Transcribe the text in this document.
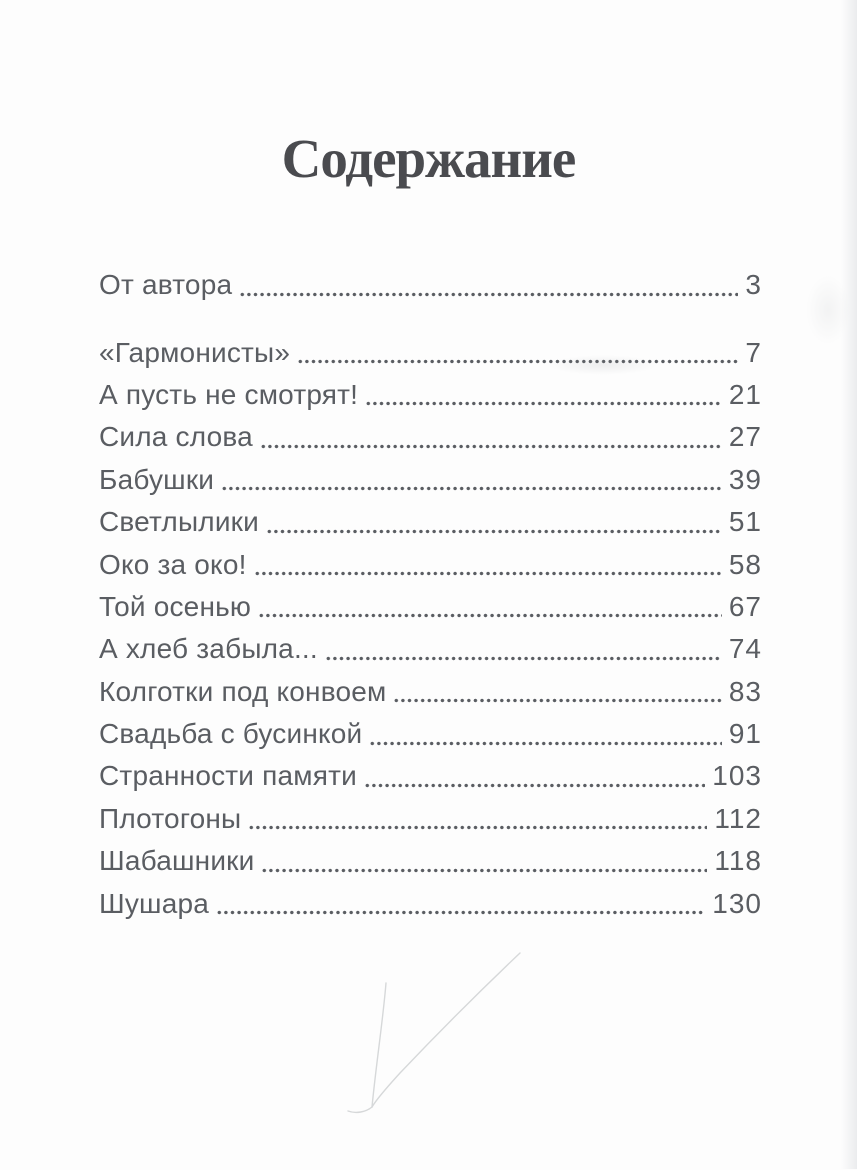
Содержание
От автора	3
«Гармонисты»	7
А пусть не смотрят!	21
Сила слова	27
Бабушки	39
Светлылики	51
Око за око!	58
Той осенью	67
А хлеб забыла...	74
Колготки под конвоем	83
Свадьба с бусинкой	91
Странности памяти	103
Плотогоны	112
Шабашники	118
Шушара	130
